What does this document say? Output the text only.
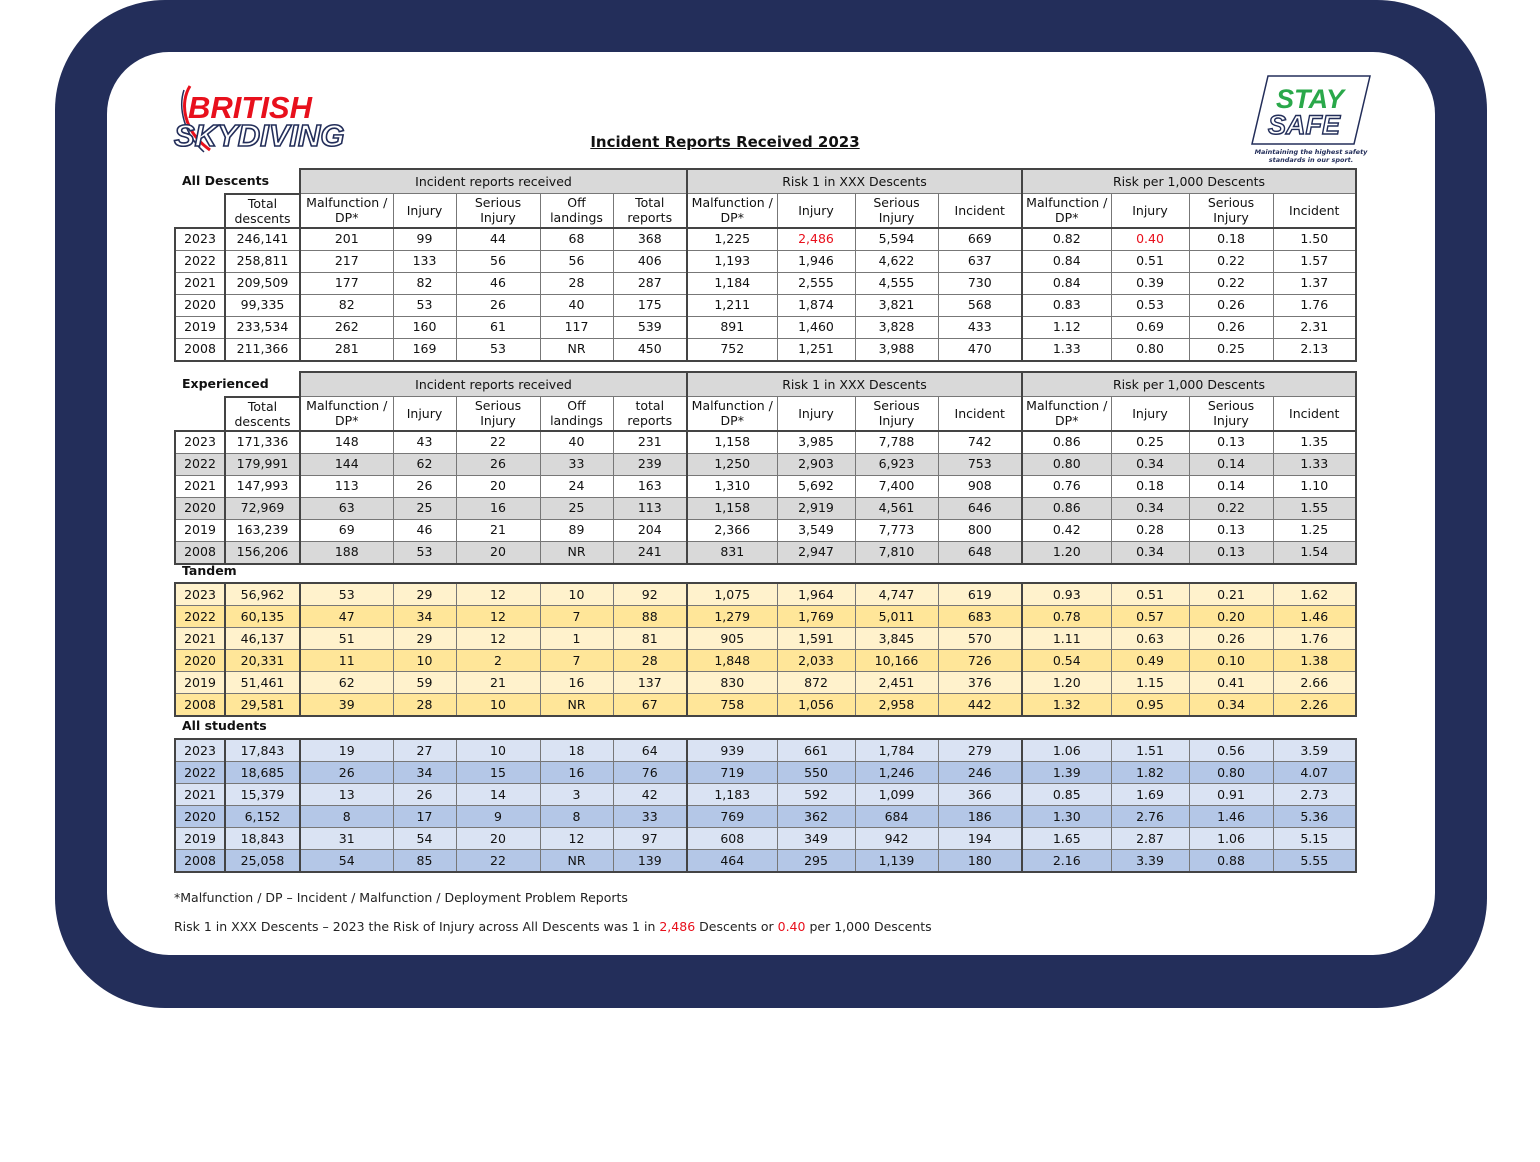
BRITISH
SKYDIVING
STAY
SAFE
Maintaining the highest safety
standards in our sport.
Incident Reports Received 2023
All Descents		Incident reports received					Risk 1 in XXX Descents				Risk per 1,000 Descents			
	Total descents	Malfunction / DP*	Injury	Serious Injury	Off landings	Total reports	Malfunction / DP*	Injury	Serious Injury	Incident	Malfunction / DP*	Injury	Serious Injury	Incident
2023	246,141	201	99	44	68	368	1,225	2,486	5,594	669	0.82	0.40	0.18	1.50
2022	258,811	217	133	56	56	406	1,193	1,946	4,622	637	0.84	0.51	0.22	1.57
2021	209,509	177	82	46	28	287	1,184	2,555	4,555	730	0.84	0.39	0.22	1.37
2020	99,335	82	53	26	40	175	1,211	1,874	3,821	568	0.83	0.53	0.26	1.76
2019	233,534	262	160	61	117	539	891	1,460	3,828	433	1.12	0.69	0.26	2.31
2008	211,366	281	169	53	NR	450	752	1,251	3,988	470	1.33	0.80	0.25	2.13
Experienced		Incident reports received					Risk 1 in XXX Descents				Risk per 1,000 Descents			
	Total descents	Malfunction / DP*	Injury	Serious Injury	Off landings	total reports	Malfunction / DP*	Injury	Serious Injury	Incident	Malfunction / DP*	Injury	Serious Injury	Incident
2023	171,336	148	43	22	40	231	1,158	3,985	7,788	742	0.86	0.25	0.13	1.35
2022	179,991	144	62	26	33	239	1,250	2,903	6,923	753	0.80	0.34	0.14	1.33
2021	147,993	113	26	20	24	163	1,310	5,692	7,400	908	0.76	0.18	0.14	1.10
2020	72,969	63	25	16	25	113	1,158	2,919	4,561	646	0.86	0.34	0.22	1.55
2019	163,239	69	46	21	89	204	2,366	3,549	7,773	800	0.42	0.28	0.13	1.25
2008	156,206	188	53	20	NR	241	831	2,947	7,810	648	1.20	0.34	0.13	1.54
Tandem
2023	56,962	53	29	12	10	92	1,075	1,964	4,747	619	0.93	0.51	0.21	1.62
2022	60,135	47	34	12	7	88	1,279	1,769	5,011	683	0.78	0.57	0.20	1.46
2021	46,137	51	29	12	1	81	905	1,591	3,845	570	1.11	0.63	0.26	1.76
2020	20,331	11	10	2	7	28	1,848	2,033	10,166	726	0.54	0.49	0.10	1.38
2019	51,461	62	59	21	16	137	830	872	2,451	376	1.20	1.15	0.41	2.66
2008	29,581	39	28	10	NR	67	758	1,056	2,958	442	1.32	0.95	0.34	2.26
All students
2023	17,843	19	27	10	18	64	939	661	1,784	279	1.06	1.51	0.56	3.59
2022	18,685	26	34	15	16	76	719	550	1,246	246	1.39	1.82	0.80	4.07
2021	15,379	13	26	14	3	42	1,183	592	1,099	366	0.85	1.69	0.91	2.73
2020	6,152	8	17	9	8	33	769	362	684	186	1.30	2.76	1.46	5.36
2019	18,843	31	54	20	12	97	608	349	942	194	1.65	2.87	1.06	5.15
2008	25,058	54	85	22	NR	139	464	295	1,139	180	2.16	3.39	0.88	5.55
*Malfunction / DP – Incident / Malfunction / Deployment Problem Reports
Risk 1 in XXX Descents – 2023 the Risk of Injury across All Descents was 1 in 2,486 Descents or 0.40 per 1,000 Descents
